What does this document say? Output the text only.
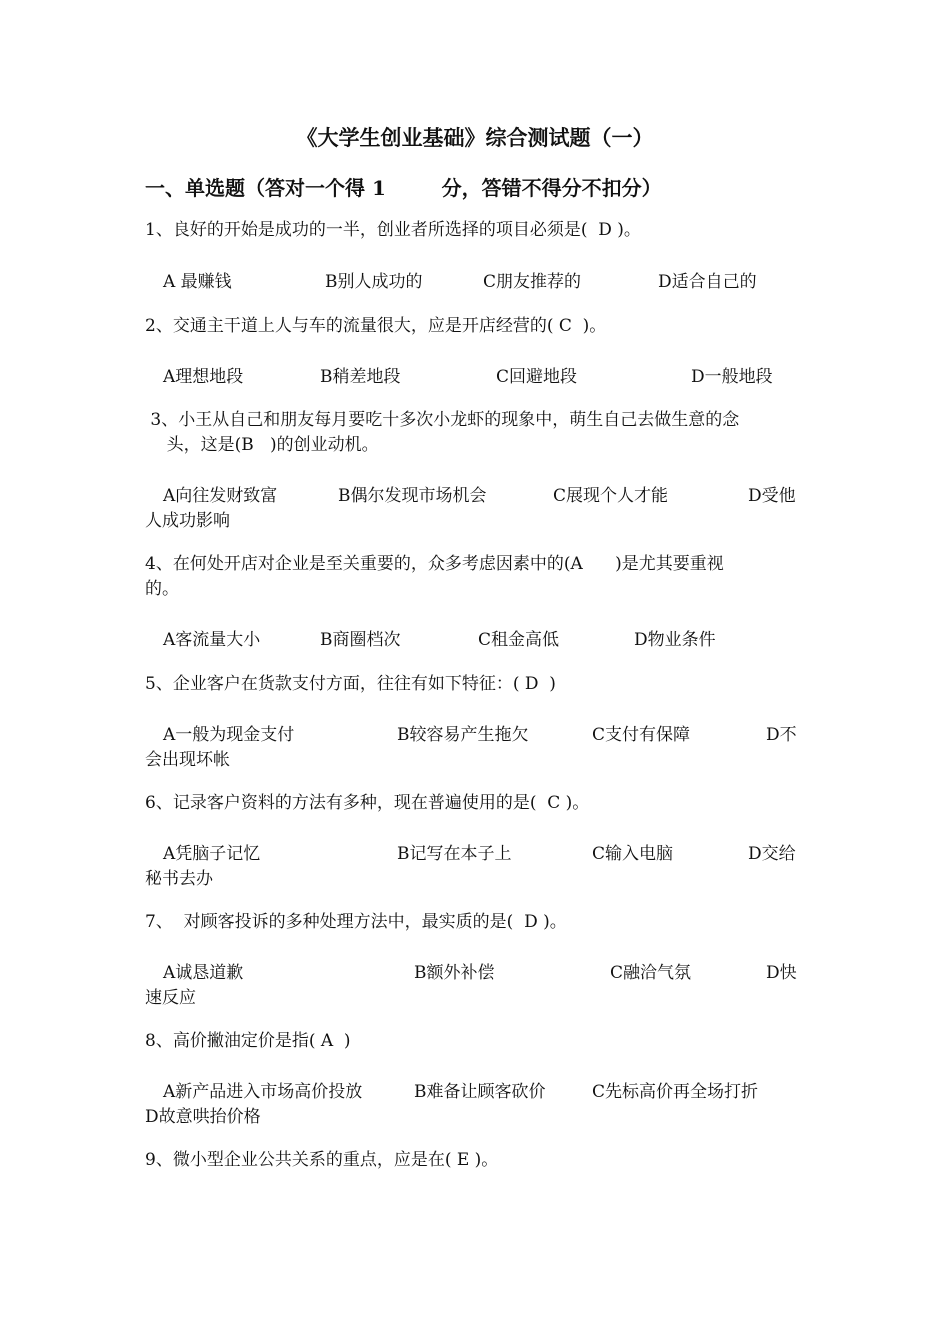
《大学生创业基础》综合测试题（一）
一、单选题（答对一个得 1        分，答错不得分不扣分）
1、良好的开始是成功的一半，创业者所选择的项目必须是(  D )。
A 最赚钱	B别人成功的	C朋友推荐的	D适合自己的
2、交通主干道上人与车的流量很大，应是开店经营的( C  )。
A理想地段	B稍差地段	C回避地段	D一般地段
3、小王从自己和朋友每月要吃十多次小龙虾的现象中，萌生自己去做生意的念
头，这是(B   )的创业动机。
A向往发财致富	B偶尔发现市场机会	C展现个人才能	D受他
人成功影响
4、在何处开店对企业是至关重要的，众多考虑因素中的(A      )是尤其要重视
的。
A客流量大小	B商圈档次	C租金高低	D物业条件
5、企业客户在货款支付方面，往往有如下特征：( D  )
A一般为现金支付	B较容易产生拖欠	C支付有保障	D不
会出现坏帐
6、记录客户资料的方法有多种，现在普遍使用的是(  C )。
A凭脑子记忆	B记写在本子上	C输入电脑	D交给
秘书去办
7、  对顾客投诉的多种处理方法中，最实质的是(  D )。
A诚恳道歉	B额外补偿	C融洽气氛	D快
速反应
8、高价撇油定价是指( A  )
A新产品进入市场高价投放	B难备让顾客砍价	C先标高价再全场打折
D故意哄抬价格
9、微小型企业公共关系的重点，应是在( E )。
